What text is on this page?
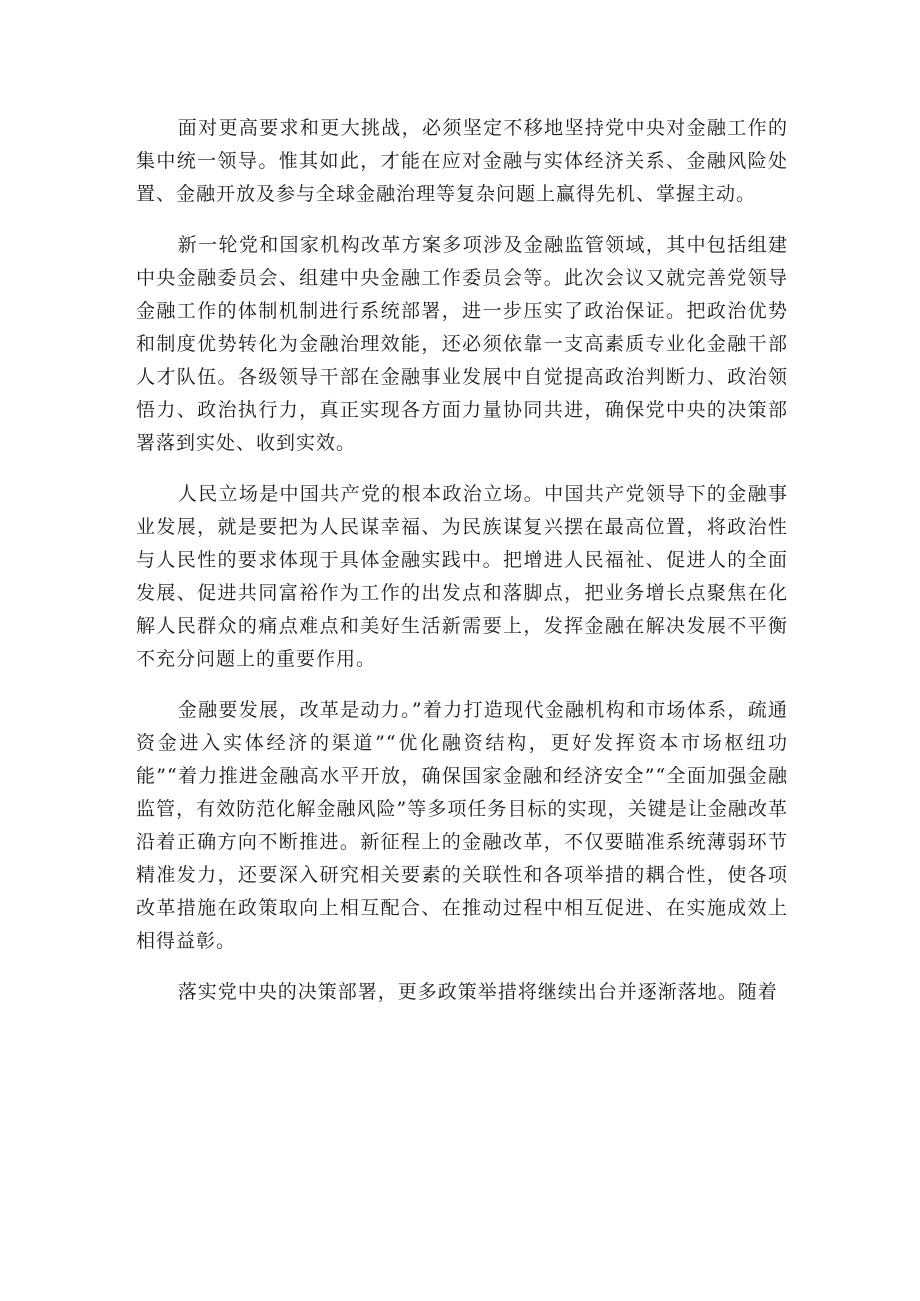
面对更高要求和更大挑战，必须坚定不移地坚持党中央对金融工作的集中统一领导。惟其如此，才能在应对金融与实体经济关系、金融风险处置、金融开放及参与全球金融治理等复杂问题上赢得先机、掌握主动。

新一轮党和国家机构改革方案多项涉及金融监管领域，其中包括组建中央金融委员会、组建中央金融工作委员会等。此次会议又就完善党领导金融工作的体制机制进行系统部署，进一步压实了政治保证。把政治优势和制度优势转化为金融治理效能，还必须依靠一支高素质专业化金融干部人才队伍。各级领导干部在金融事业发展中自觉提高政治判断力、政治领悟力、政治执行力，真正实现各方面力量协同共进，确保党中央的决策部署落到实处、收到实效。

人民立场是中国共产党的根本政治立场。中国共产党领导下的金融事业发展，就是要把为人民谋幸福、为民族谋复兴摆在最高位置，将政治性与人民性的要求体现于具体金融实践中。把增进人民福祉、促进人的全面发展、促进共同富裕作为工作的出发点和落脚点，把业务增长点聚焦在化解人民群众的痛点难点和美好生活新需要上，发挥金融在解决发展不平衡不充分问题上的重要作用。

金融要发展，改革是动力。”着力打造现代金融机构和市场体系，疏通资金进入实体经济的渠道”“优化融资结构，更好发挥资本市场枢纽功能”“着力推进金融高水平开放，确保国家金融和经济安全”“全面加强金融监管，有效防范化解金融风险”等多项任务目标的实现，关键是让金融改革沿着正确方向不断推进。新征程上的金融改革，不仅要瞄准系统薄弱环节精准发力，还要深入研究相关要素的关联性和各项举措的耦合性，使各项改革措施在政策取向上相互配合、在推动过程中相互促进、在实施成效上相得益彰。

落实党中央的决策部署，更多政策举措将继续出台并逐渐落地。随着
